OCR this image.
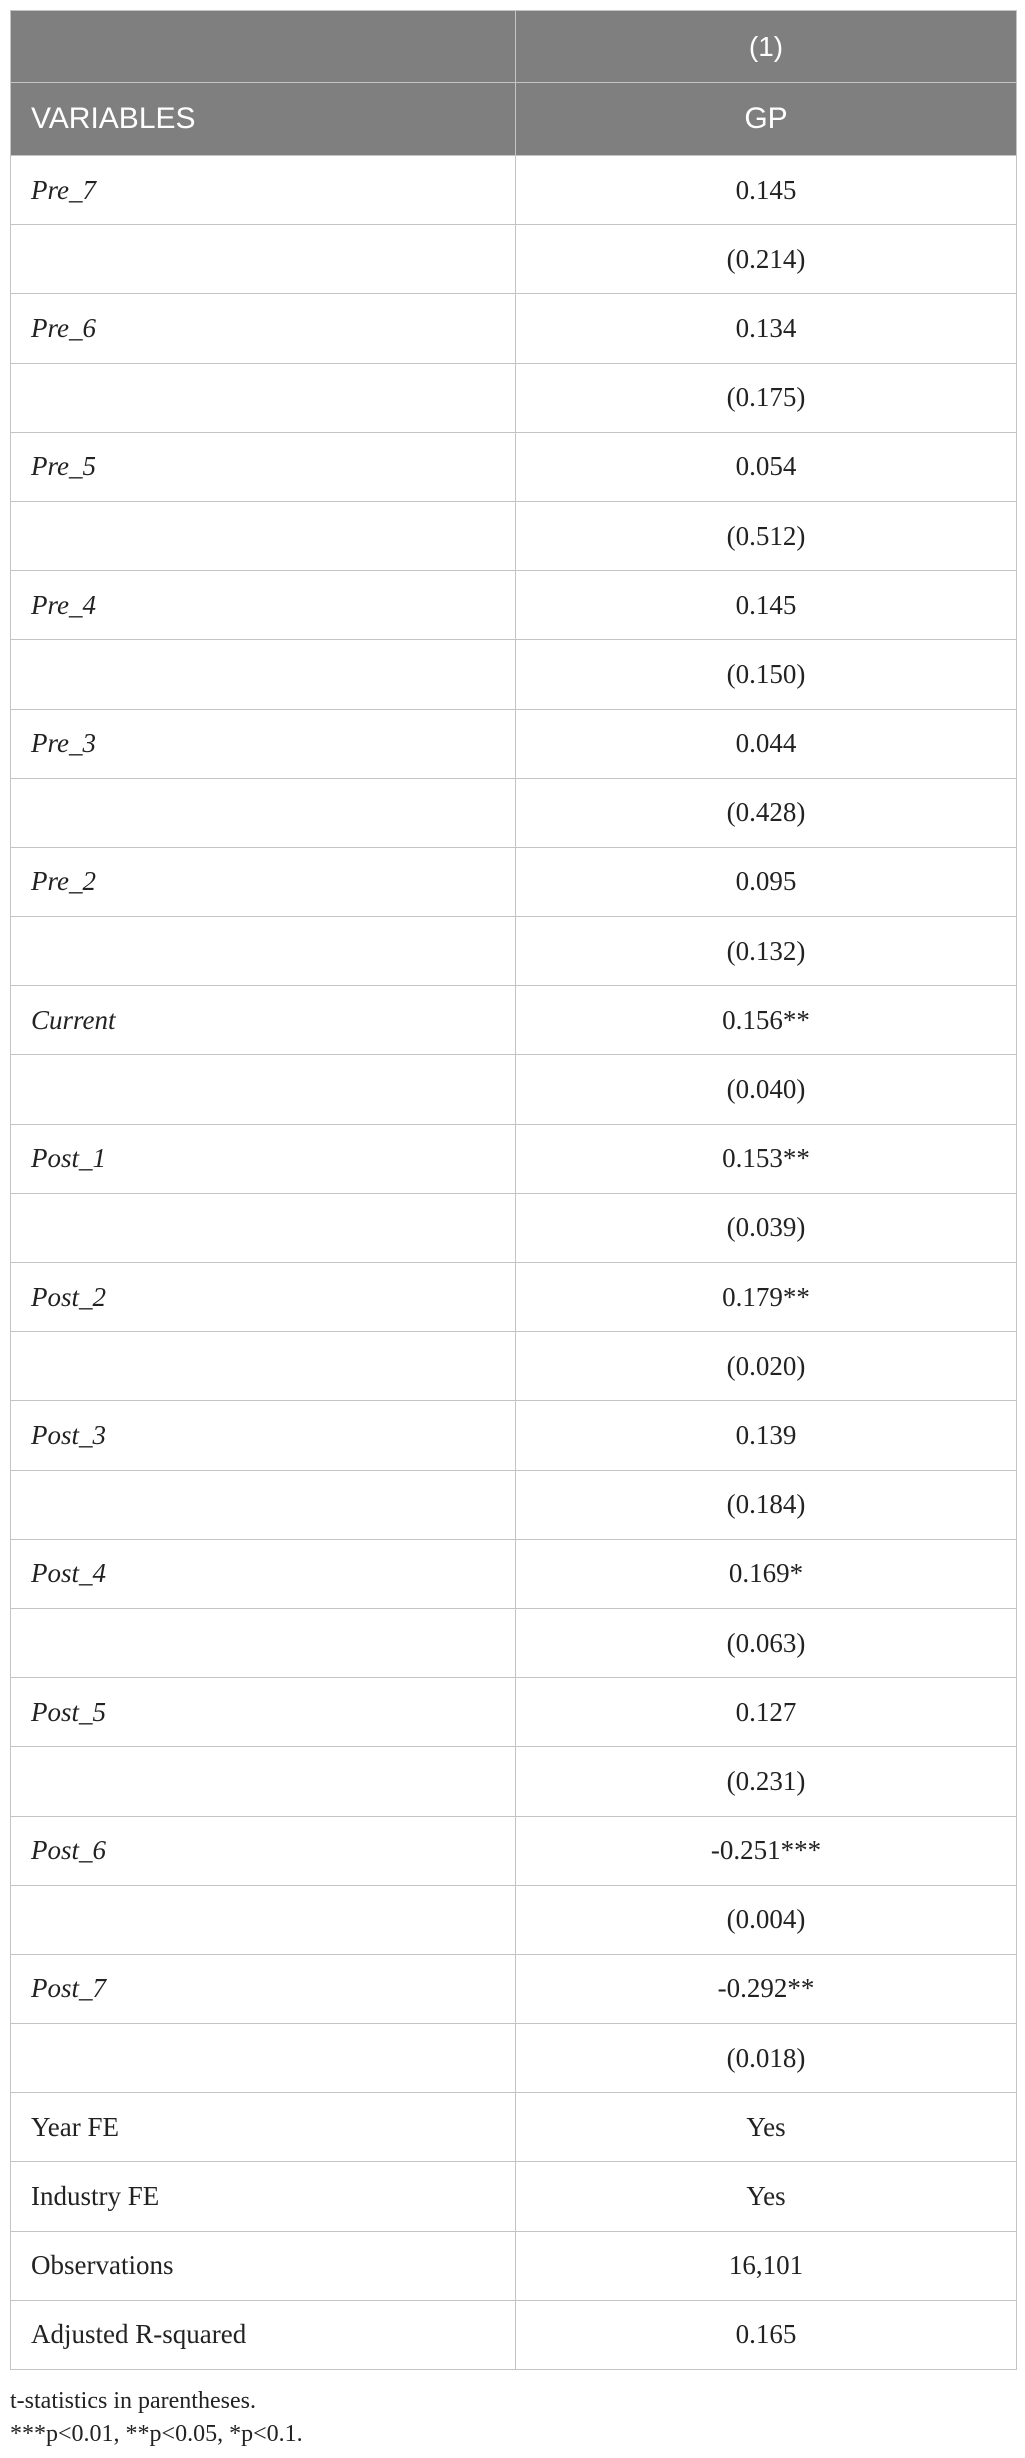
	(1)
VARIABLES	GP
Pre_7	0.145
	(0.214)
Pre_6	0.134
	(0.175)
Pre_5	0.054
	(0.512)
Pre_4	0.145
	(0.150)
Pre_3	0.044
	(0.428)
Pre_2	0.095
	(0.132)
Current	0.156**
	(0.040)
Post_1	0.153**
	(0.039)
Post_2	0.179**
	(0.020)
Post_3	0.139
	(0.184)
Post_4	0.169*
	(0.063)
Post_5	0.127
	(0.231)
Post_6	-0.251***
	(0.004)
Post_7	-0.292**
	(0.018)
Year FE	Yes
Industry FE	Yes
Observations	16,101
Adjusted R-squared	0.165
t-statistics in parentheses.
***p<0.01, **p<0.05, *p<0.1.
